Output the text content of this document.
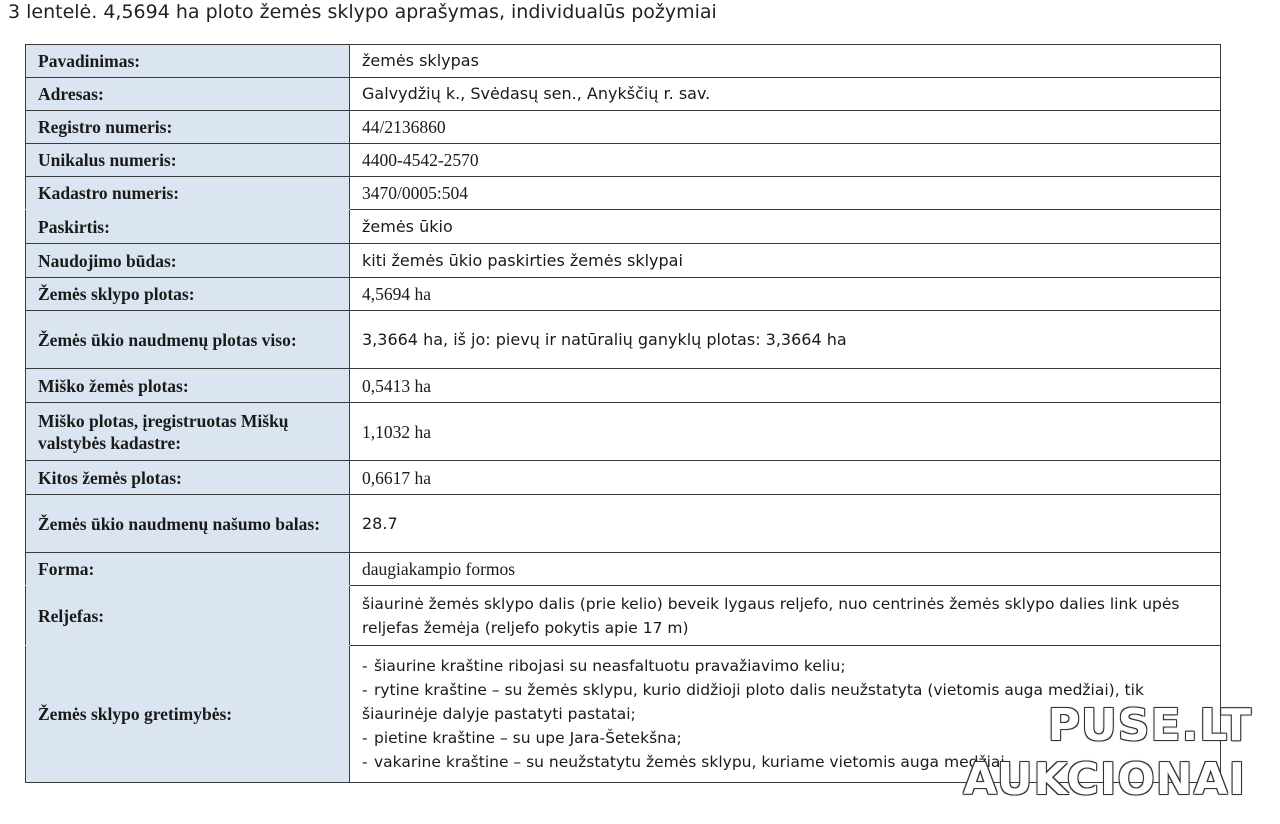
3 lentelė. 4,5694 ha ploto žemės sklypo aprašymas, individualūs požymiai
Pavadinimas:	žemės sklypas
Adresas:	Galvydžių k., Svėdasų sen., Anykščių r. sav.
Registro numeris:	44/2136860
Unikalus numeris:	4400-4542-2570
Kadastro numeris:	3470/0005:504
Paskirtis:	žemės ūkio
Naudojimo būdas:	kiti žemės ūkio paskirties žemės sklypai
Žemės sklypo plotas:	4,5694 ha
Žemės ūkio naudmenų plotas viso:	3,3664 ha, iš jo: pievų ir natūralių ganyklų plotas: 3,3664 ha
Miško žemės plotas:	0,5413 ha
Miško plotas, įregistruotas Miškų valstybės kadastre:	1,1032 ha
Kitos žemės plotas:	0,6617 ha
Žemės ūkio naudmenų našumo balas:	28.7
Forma:	daugiakampio formos
Reljefas:	šiaurinė žemės sklypo dalis (prie kelio) beveik lygaus reljefo, nuo centrinės žemės sklypo dalies link upės reljefas žemėja (reljefo pokytis apie 17 m)
Žemės sklypo gretimybės:	- šiaurine kraštine ribojasi su neasfaltuotu pravažiavimo keliu;
- rytine kraštine – su žemės sklypu, kurio didžioji ploto dalis neužstatyta (vietomis auga medžiai), tik šiaurinėje dalyje pastatyti pastatai;
- pietine kraštine – su upe Jara-Šetekšna;
- vakarine kraštine – su neužstatytu žemės sklypu, kuriame vietomis auga medžiai.
PUSE.LT
AUKCIONAI
